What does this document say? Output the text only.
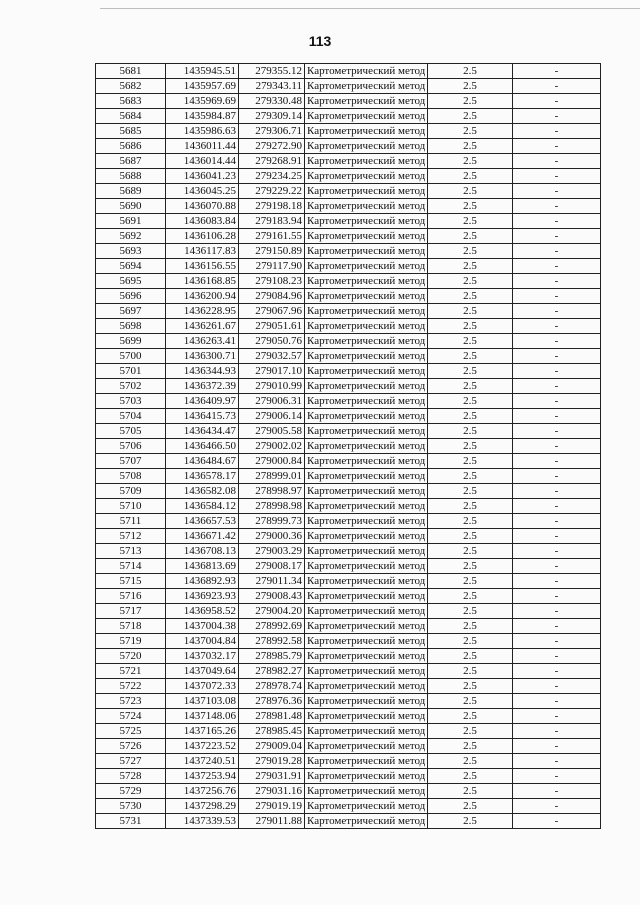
113
5681	1435945.51	279355.12	Картометрический метод	2.5	-
5682	1435957.69	279343.11	Картометрический метод	2.5	-
5683	1435969.69	279330.48	Картометрический метод	2.5	-
5684	1435984.87	279309.14	Картометрический метод	2.5	-
5685	1435986.63	279306.71	Картометрический метод	2.5	-
5686	1436011.44	279272.90	Картометрический метод	2.5	-
5687	1436014.44	279268.91	Картометрический метод	2.5	-
5688	1436041.23	279234.25	Картометрический метод	2.5	-
5689	1436045.25	279229.22	Картометрический метод	2.5	-
5690	1436070.88	279198.18	Картометрический метод	2.5	-
5691	1436083.84	279183.94	Картометрический метод	2.5	-
5692	1436106.28	279161.55	Картометрический метод	2.5	-
5693	1436117.83	279150.89	Картометрический метод	2.5	-
5694	1436156.55	279117.90	Картометрический метод	2.5	-
5695	1436168.85	279108.23	Картометрический метод	2.5	-
5696	1436200.94	279084.96	Картометрический метод	2.5	-
5697	1436228.95	279067.96	Картометрический метод	2.5	-
5698	1436261.67	279051.61	Картометрический метод	2.5	-
5699	1436263.41	279050.76	Картометрический метод	2.5	-
5700	1436300.71	279032.57	Картометрический метод	2.5	-
5701	1436344.93	279017.10	Картометрический метод	2.5	-
5702	1436372.39	279010.99	Картометрический метод	2.5	-
5703	1436409.97	279006.31	Картометрический метод	2.5	-
5704	1436415.73	279006.14	Картометрический метод	2.5	-
5705	1436434.47	279005.58	Картометрический метод	2.5	-
5706	1436466.50	279002.02	Картометрический метод	2.5	-
5707	1436484.67	279000.84	Картометрический метод	2.5	-
5708	1436578.17	278999.01	Картометрический метод	2.5	-
5709	1436582.08	278998.97	Картометрический метод	2.5	-
5710	1436584.12	278998.98	Картометрический метод	2.5	-
5711	1436657.53	278999.73	Картометрический метод	2.5	-
5712	1436671.42	279000.36	Картометрический метод	2.5	-
5713	1436708.13	279003.29	Картометрический метод	2.5	-
5714	1436813.69	279008.17	Картометрический метод	2.5	-
5715	1436892.93	279011.34	Картометрический метод	2.5	-
5716	1436923.93	279008.43	Картометрический метод	2.5	-
5717	1436958.52	279004.20	Картометрический метод	2.5	-
5718	1437004.38	278992.69	Картометрический метод	2.5	-
5719	1437004.84	278992.58	Картометрический метод	2.5	-
5720	1437032.17	278985.79	Картометрический метод	2.5	-
5721	1437049.64	278982.27	Картометрический метод	2.5	-
5722	1437072.33	278978.74	Картометрический метод	2.5	-
5723	1437103.08	278976.36	Картометрический метод	2.5	-
5724	1437148.06	278981.48	Картометрический метод	2.5	-
5725	1437165.26	278985.45	Картометрический метод	2.5	-
5726	1437223.52	279009.04	Картометрический метод	2.5	-
5727	1437240.51	279019.28	Картометрический метод	2.5	-
5728	1437253.94	279031.91	Картометрический метод	2.5	-
5729	1437256.76	279031.16	Картометрический метод	2.5	-
5730	1437298.29	279019.19	Картометрический метод	2.5	-
5731	1437339.53	279011.88	Картометрический метод	2.5	-
